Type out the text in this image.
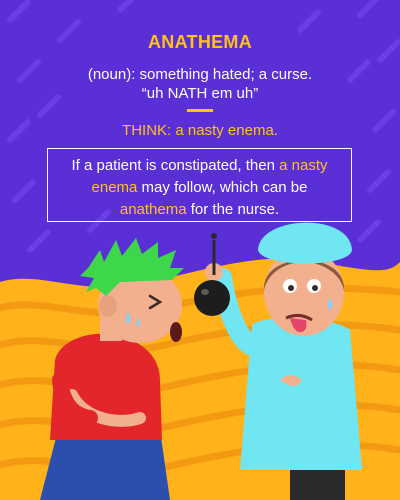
ANATHEMA
(noun): something hated; a curse.
“uh NATH em uh”
THINK: a nasty enema.
If a patient is constipated, then a nasty
enema may follow, which can be
anathema for the nurse.
